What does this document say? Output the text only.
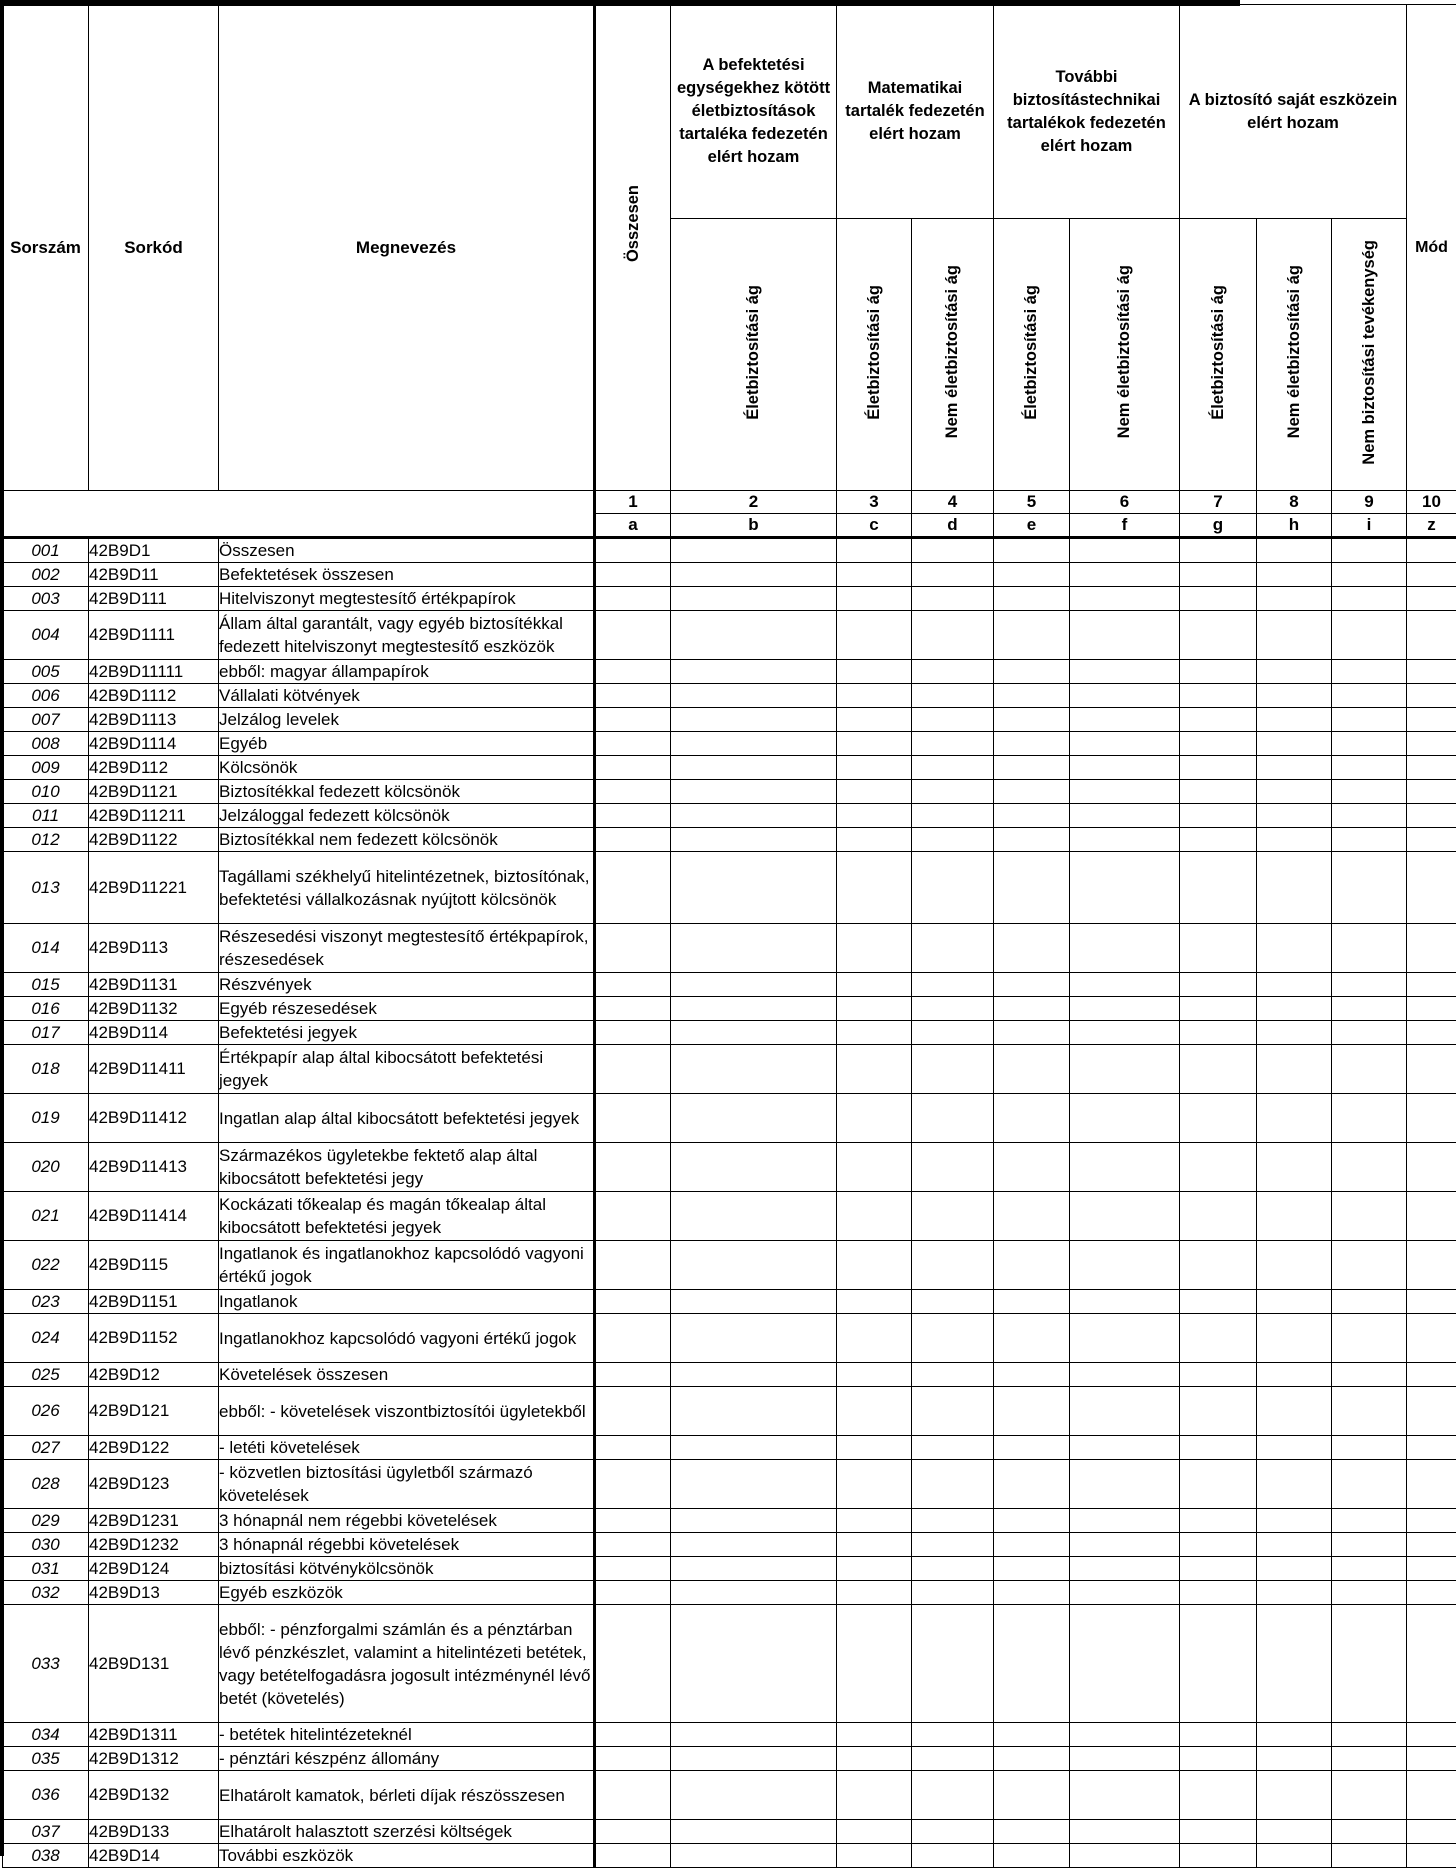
Sorszám	Sorkód	Megnevezés	Összesen	A befektetési egységekhez kötött életbiztosítások tartaléka fedezetén elért hozam	Matematikai tartalék fedezetén elért hozam		További biztosítástechnikai tartalékok fedezetén elért hozam		A biztosító saját eszközein elért hozam			Mód
				Életbiztosítási ág	Életbiztosítási ág	Nem életbiztosítási ág	Életbiztosítási ág	Nem életbiztosítási ág	Életbiztosítási ág	Nem életbiztosítási ág	Nem biztosítási tevékenység	
			1	2	3	4	5	6	7	8	9	10
			a	b	c	d	e	f	g	h	i	z
001	42B9D1	Összesen										
002	42B9D11	Befektetések összesen										
003	42B9D111	Hitelviszonyt megtestesítő értékpapírok										
004	42B9D1111	Állam által garantált, vagy egyéb biztosítékkal fedezett hitelviszonyt megtestesítő eszközök										
005	42B9D11111	ebből: magyar állampapírok										
006	42B9D1112	Vállalati kötvények										
007	42B9D1113	Jelzálog levelek										
008	42B9D1114	Egyéb										
009	42B9D112	Kölcsönök										
010	42B9D1121	Biztosítékkal fedezett kölcsönök										
011	42B9D11211	Jelzáloggal fedezett kölcsönök										
012	42B9D1122	Biztosítékkal nem fedezett kölcsönök										
013	42B9D11221	Tagállami székhelyű hitelintézetnek, biztosítónak, befektetési vállalkozásnak nyújtott kölcsönök										
014	42B9D113	Részesedési viszonyt megtestesítő értékpapírok, részesedések										
015	42B9D1131	Részvények										
016	42B9D1132	Egyéb részesedések										
017	42B9D114	Befektetési jegyek										
018	42B9D11411	Értékpapír alap által kibocsátott befektetési jegyek										
019	42B9D11412	Ingatlan alap által kibocsátott befektetési jegyek										
020	42B9D11413	Származékos ügyletekbe fektető alap által kibocsátott befektetési jegy										
021	42B9D11414	Kockázati tőkealap és magán tőkealap által kibocsátott befektetési jegyek										
022	42B9D115	Ingatlanok és ingatlanokhoz kapcsolódó vagyoni értékű jogok										
023	42B9D1151	Ingatlanok										
024	42B9D1152	Ingatlanokhoz kapcsolódó vagyoni értékű jogok										
025	42B9D12	Követelések összesen										
026	42B9D121	ebből: - követelések viszontbiztosítói ügyletekből										
027	42B9D122	- letéti követelések										
028	42B9D123	- közvetlen biztosítási ügyletből származó követelések										
029	42B9D1231	3 hónapnál nem régebbi követelések										
030	42B9D1232	3 hónapnál régebbi követelések										
031	42B9D124	biztosítási kötvénykölcsönök										
032	42B9D13	Egyéb eszközök										
033	42B9D131	ebből: - pénzforgalmi számlán és a pénztárban lévő pénzkészlet, valamint a hitelintézeti betétek, vagy betételfogadásra jogosult intézménynél lévő betét (követelés)										
034	42B9D1311	- betétek hitelintézeteknél										
035	42B9D1312	- pénztári készpénz állomány										
036	42B9D132	Elhatárolt kamatok, bérleti díjak részösszesen										
037	42B9D133	Elhatárolt halasztott szerzési költségek										
038	42B9D14	További eszközök										
